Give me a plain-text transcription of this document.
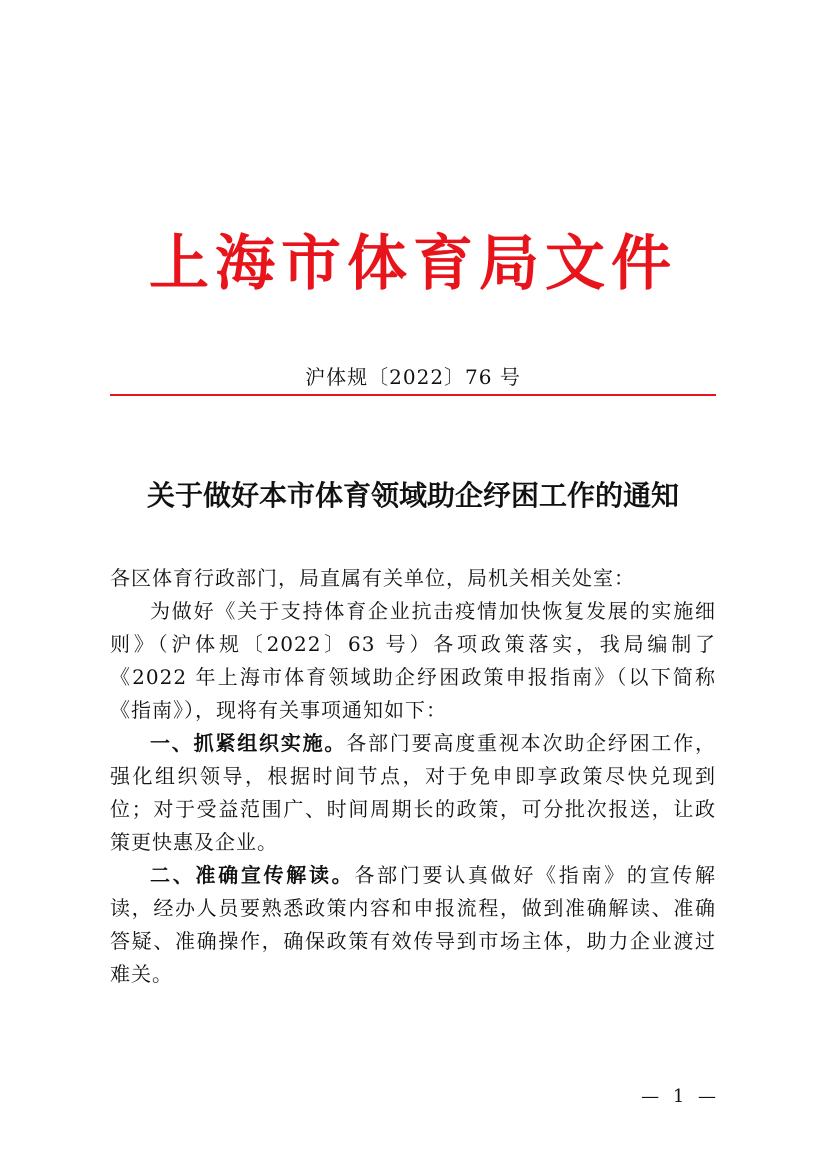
上海市体育局文件
沪体规〔2022〕76 号
关于做好本市体育领域助企纾困工作的通知

各区体育行政部门，局直属有关单位，局机关相关处室：

为做好《关于支持体育企业抗击疫情加快恢复发展的实施细则》（沪体规〔2022〕63 号）各项政策落实，我局编制了《2022 年上海市体育领域助企纾困政策申报指南》（以下简称《指南》），现将有关事项通知如下：

一、抓紧组织实施。各部门要高度重视本次助企纾困工作，强化组织领导，根据时间节点，对于免申即享政策尽快兑现到位；对于受益范围广、时间周期长的政策，可分批次报送，让政策更快惠及企业。

二、准确宣传解读。各部门要认真做好《指南》的宣传解读，经办人员要熟悉政策内容和申报流程，做到准确解读、准确答疑、准确操作，确保政策有效传导到市场主体，助力企业渡过难关。

— 1 —
